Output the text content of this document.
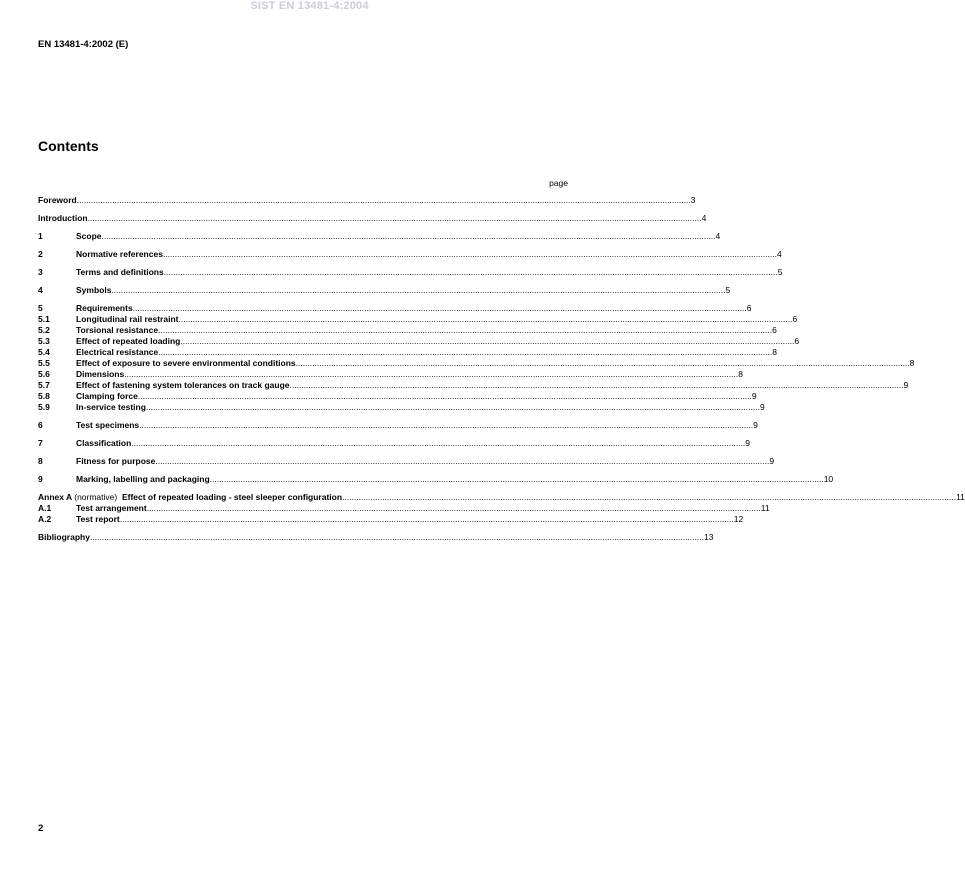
SIST EN 13481-4:2004
EN 13481-4:2002 (E)
Contents
page
Foreword .................................................................................................................................................................................................................................................................... 3
Introduction .................................................................................................................................................................................................................................................................... 4
1	Scope .................................................................................................................................................................................................................................................................... 4
2	Normative references .................................................................................................................................................................................................................................................................... 4
3	Terms and definitions .................................................................................................................................................................................................................................................................... 5
4	Symbols .................................................................................................................................................................................................................................................................... 5
5	Requirements .................................................................................................................................................................................................................................................................... 6
5.1	Longitudinal rail restraint .................................................................................................................................................................................................................................................................... 6
5.2	Torsional resistance .................................................................................................................................................................................................................................................................... 6
5.3	Effect of repeated loading .................................................................................................................................................................................................................................................................... 6
5.4	Electrical resistance .................................................................................................................................................................................................................................................................... 8
5.5	Effect of exposure to severe environmental conditions .................................................................................................................................................................................................................................................................... 8
5.6	Dimensions .................................................................................................................................................................................................................................................................... 8
5.7	Effect of fastening system tolerances on track gauge .................................................................................................................................................................................................................................................................... 9
5.8	Clamping force .................................................................................................................................................................................................................................................................... 9
5.9	In-service testing .................................................................................................................................................................................................................................................................... 9
6	Test specimens .................................................................................................................................................................................................................................................................... 9
7	Classification .................................................................................................................................................................................................................................................................... 9
8	Fitness for purpose .................................................................................................................................................................................................................................................................... 9
9	Marking, labelling and packaging .................................................................................................................................................................................................................................................................... 10
Annex A (normative) Effect of repeated loading - steel sleeper configuration .................................................................................................................................................................................................................................................................... 11
A.1	Test arrangement .................................................................................................................................................................................................................................................................... 11
A.2	Test report .................................................................................................................................................................................................................................................................... 12
Bibliography .................................................................................................................................................................................................................................................................... 13
2
